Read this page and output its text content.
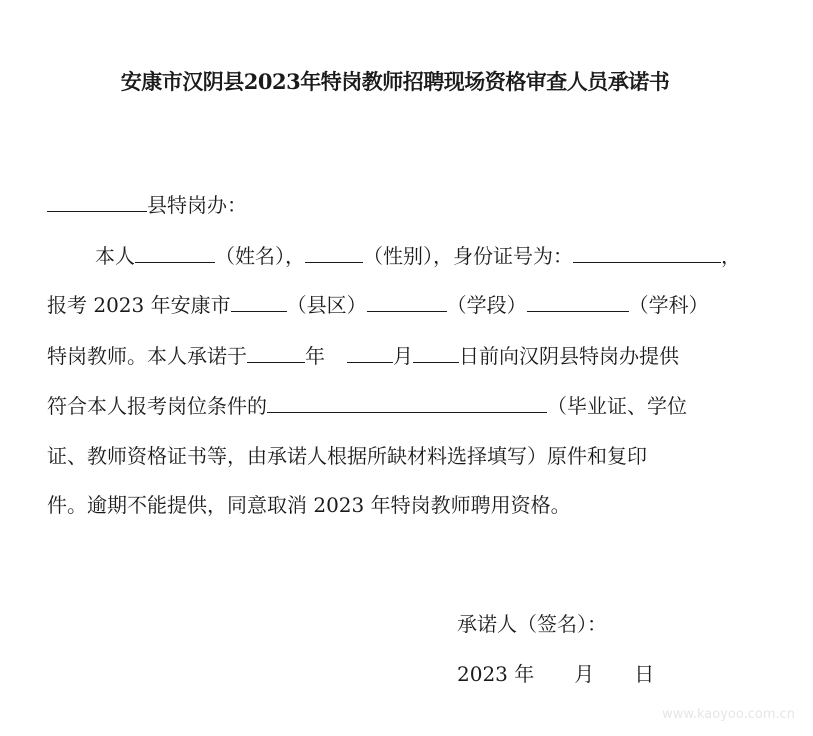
安康市汉阴县2023年特岗教师招聘现场资格审查人员承诺书
县特岗办：
本人	（姓名），	（性别），身份证号为：	，
报考 2023 年安康市	（县区）	（学段）	（学科）
特岗教师。本人承诺于	年	月 日前向汉阴县特岗办提供
符合本人报考岗位条件的	（毕业证、学位
证、教师资格证书等，由承诺人根据所缺材料选择填写）原件和复印
件。逾期不能提供，同意取消 2023 年特岗教师聘用资格。
承诺人（签名）：
2023 年 月 日
www.kaoyoo.com.cn
